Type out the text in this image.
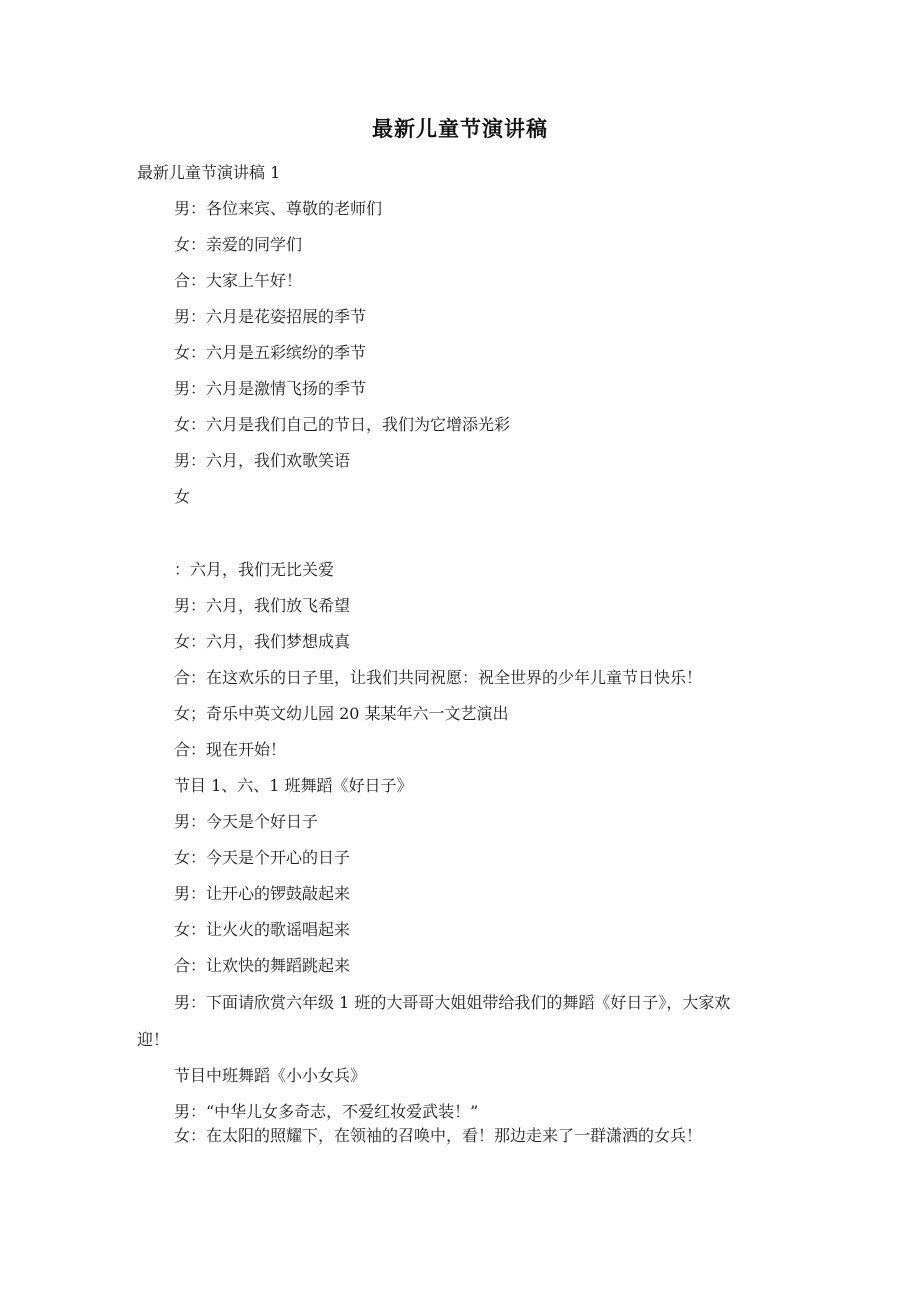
最新儿童节演讲稿
最新儿童节演讲稿 1
男：各位来宾、尊敬的老师们
女：亲爱的同学们
合：大家上午好！
男：六月是花姿招展的季节
女：六月是五彩缤纷的季节
男：六月是激情飞扬的季节
女：六月是我们自己的节日，我们为它增添光彩
男：六月，我们欢歌笑语
女
：六月，我们无比关爱
男：六月，我们放飞希望
女：六月，我们梦想成真
合：在这欢乐的日子里，让我们共同祝愿：祝全世界的少年儿童节日快乐！
女；奇乐中英文幼儿园 20 某某年六一文艺演出
合：现在开始！
节目 1、六、1 班舞蹈《好日子》
男：今天是个好日子
女：今天是个开心的日子
男：让开心的锣鼓敲起来
女：让火火的歌谣唱起来
合：让欢快的舞蹈跳起来
男：下面请欣赏六年级 1 班的大哥哥大姐姐带给我们的舞蹈《好日子》，大家欢
迎！
节目中班舞蹈《小小女兵》
男：“中华儿女多奇志，不爱红妆爱武装！”
女：在太阳的照耀下，在领袖的召唤中，看！那边走来了一群潇洒的女兵！
